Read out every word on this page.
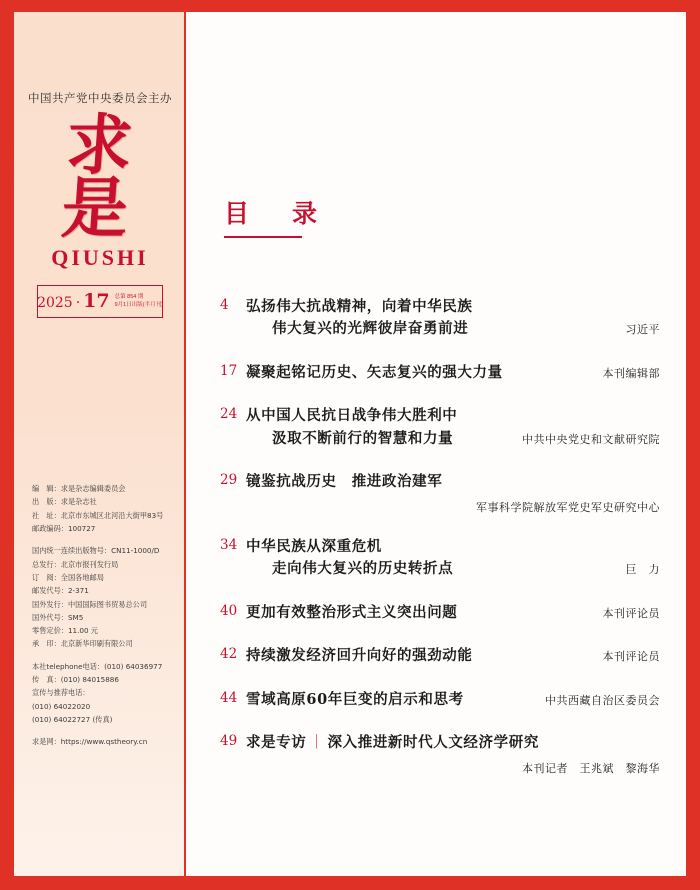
中国共产党中央委员会主办
求 是
QIUSHI
2025 · 17 总第 854 期
9月1日出版(半月刊)
编　辑：求是杂志编辑委员会
出　版：求是杂志社
社　址：北京市东城区北河沿大街甲83号
邮政编码：100727
国内统一连续出版物号：CN11-1000/D
总发行：北京市报刊发行局
订　阅：全国各地邮局
邮发代号：2-371
国外发行：中国国际图书贸易总公司
国外代号：SM5
零售定价：11.00 元
承　印：北京新华印刷有限公司
本社telephone电话：(010) 64036977
传　真：(010) 84015886
宣传与推荐电话：
(010) 64022020
(010) 64022727 (传真)
求是网：https://www.qstheory.cn
目　录
4	弘扬伟大抗战精神，向着中华民族
伟大复兴的光辉彼岸奋勇前进	习近平
17 凝聚起铭记历史、矢志复兴的强大力量	本刊编辑部
24 从中国人民抗日战争伟大胜利中
汲取不断前行的智慧和力量	中共中央党史和文献研究院
29 镜鉴抗战历史　推进政治建军
军事科学院解放军党史军史研究中心
34 中华民族从深重危机
走向伟大复兴的历史转折点	巨　力
40 更加有效整治形式主义突出问题	本刊评论员
42 持续激发经济回升向好的强劲动能	本刊评论员
44 雪域高原60年巨变的启示和思考	中共西藏自治区委员会
49 求是专访 ｜ 深入推进新时代人文经济学研究
本刊记者　王兆斌　黎海华
